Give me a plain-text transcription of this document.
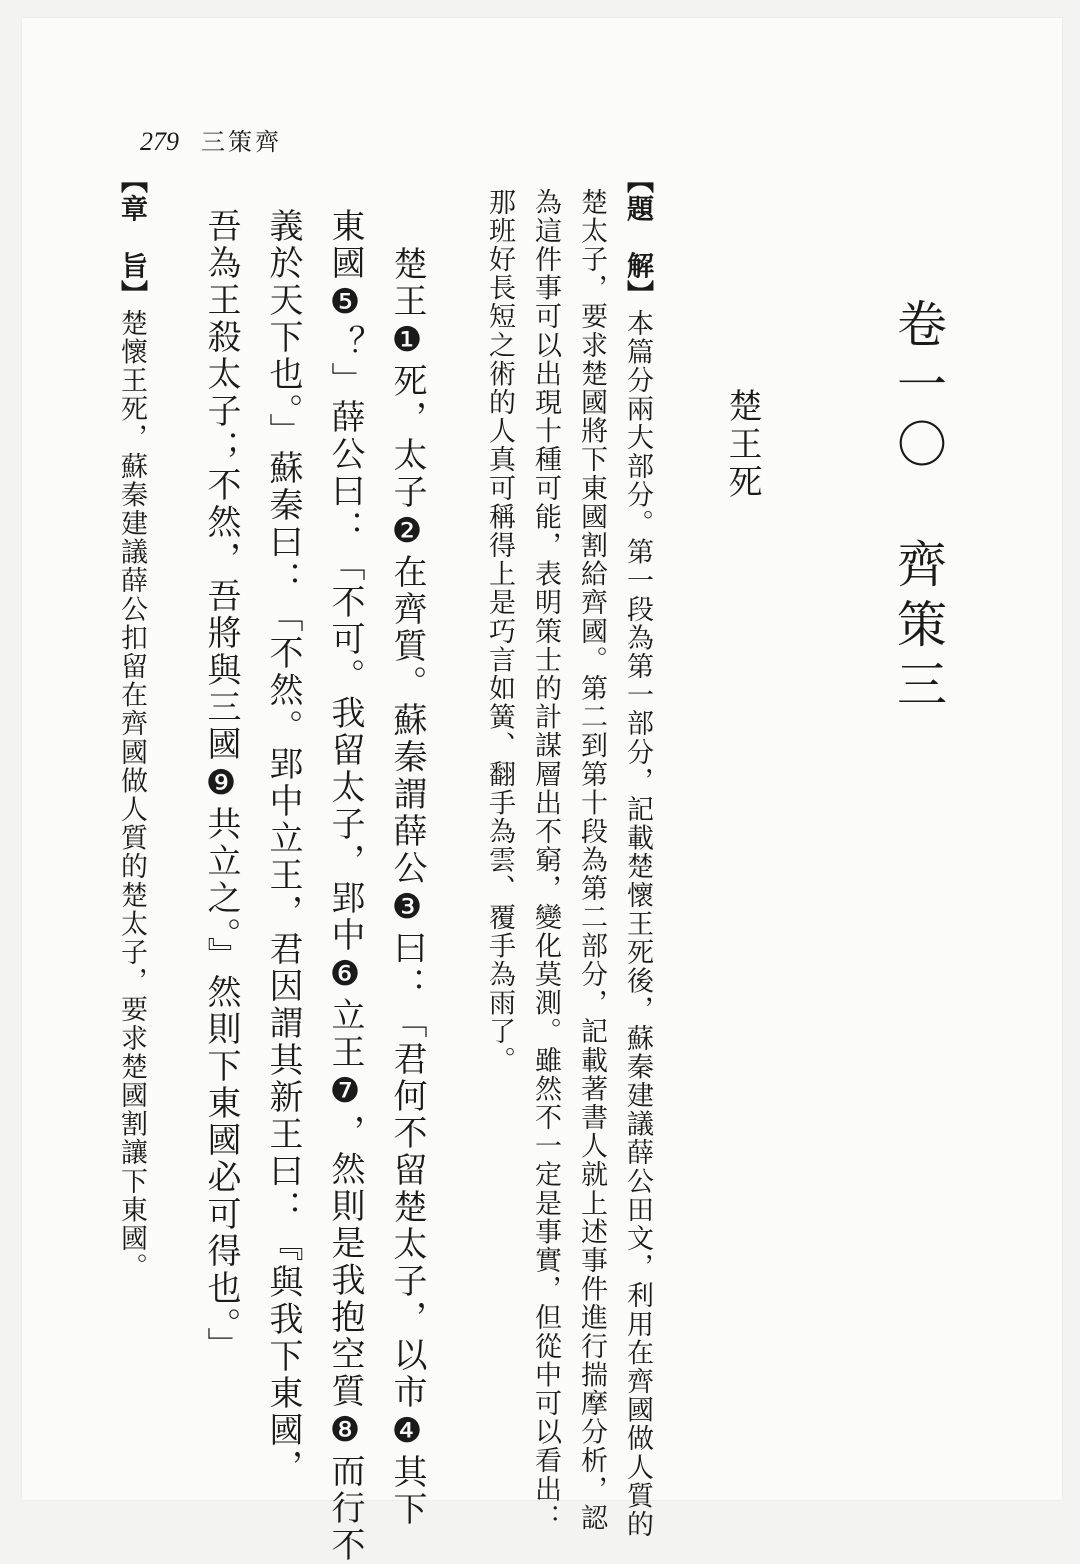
279 三策齊
卷一〇　齊策三
楚王死
【題　解】本篇分兩大部分。第一段為第一部分，記載楚懷王死後，蘇秦建議薛公田文，利用在齊國做人質的
楚太子，要求楚國將下東國割給齊國。第二到第十段為第二部分，記載著書人就上述事件進行揣摩分析，認
為這件事可以出現十種可能，表明策士的計謀層出不窮，變化莫測。雖然不一定是事實，但從中可以看出：
那班好長短之術的人真可稱得上是巧言如簧、翻手為雲、覆手為雨了。
楚王❶死，太子❷在齊質。蘇秦謂薛公❸曰：「君何不留楚太子，以市❹其下
東國❺？」薛公曰：「不可。我留太子，郢中❻立王❼，然則是我抱空質❽而行不
義於天下也。」蘇秦曰：「不然。郢中立王，君因謂其新王曰：『與我下東國，
吾為王殺太子；不然，吾將與三國❾共立之。』然則下東國必可得也。」
【章　旨】楚懷王死，蘇秦建議薛公扣留在齊國做人質的楚太子，要求楚國割讓下東國。
